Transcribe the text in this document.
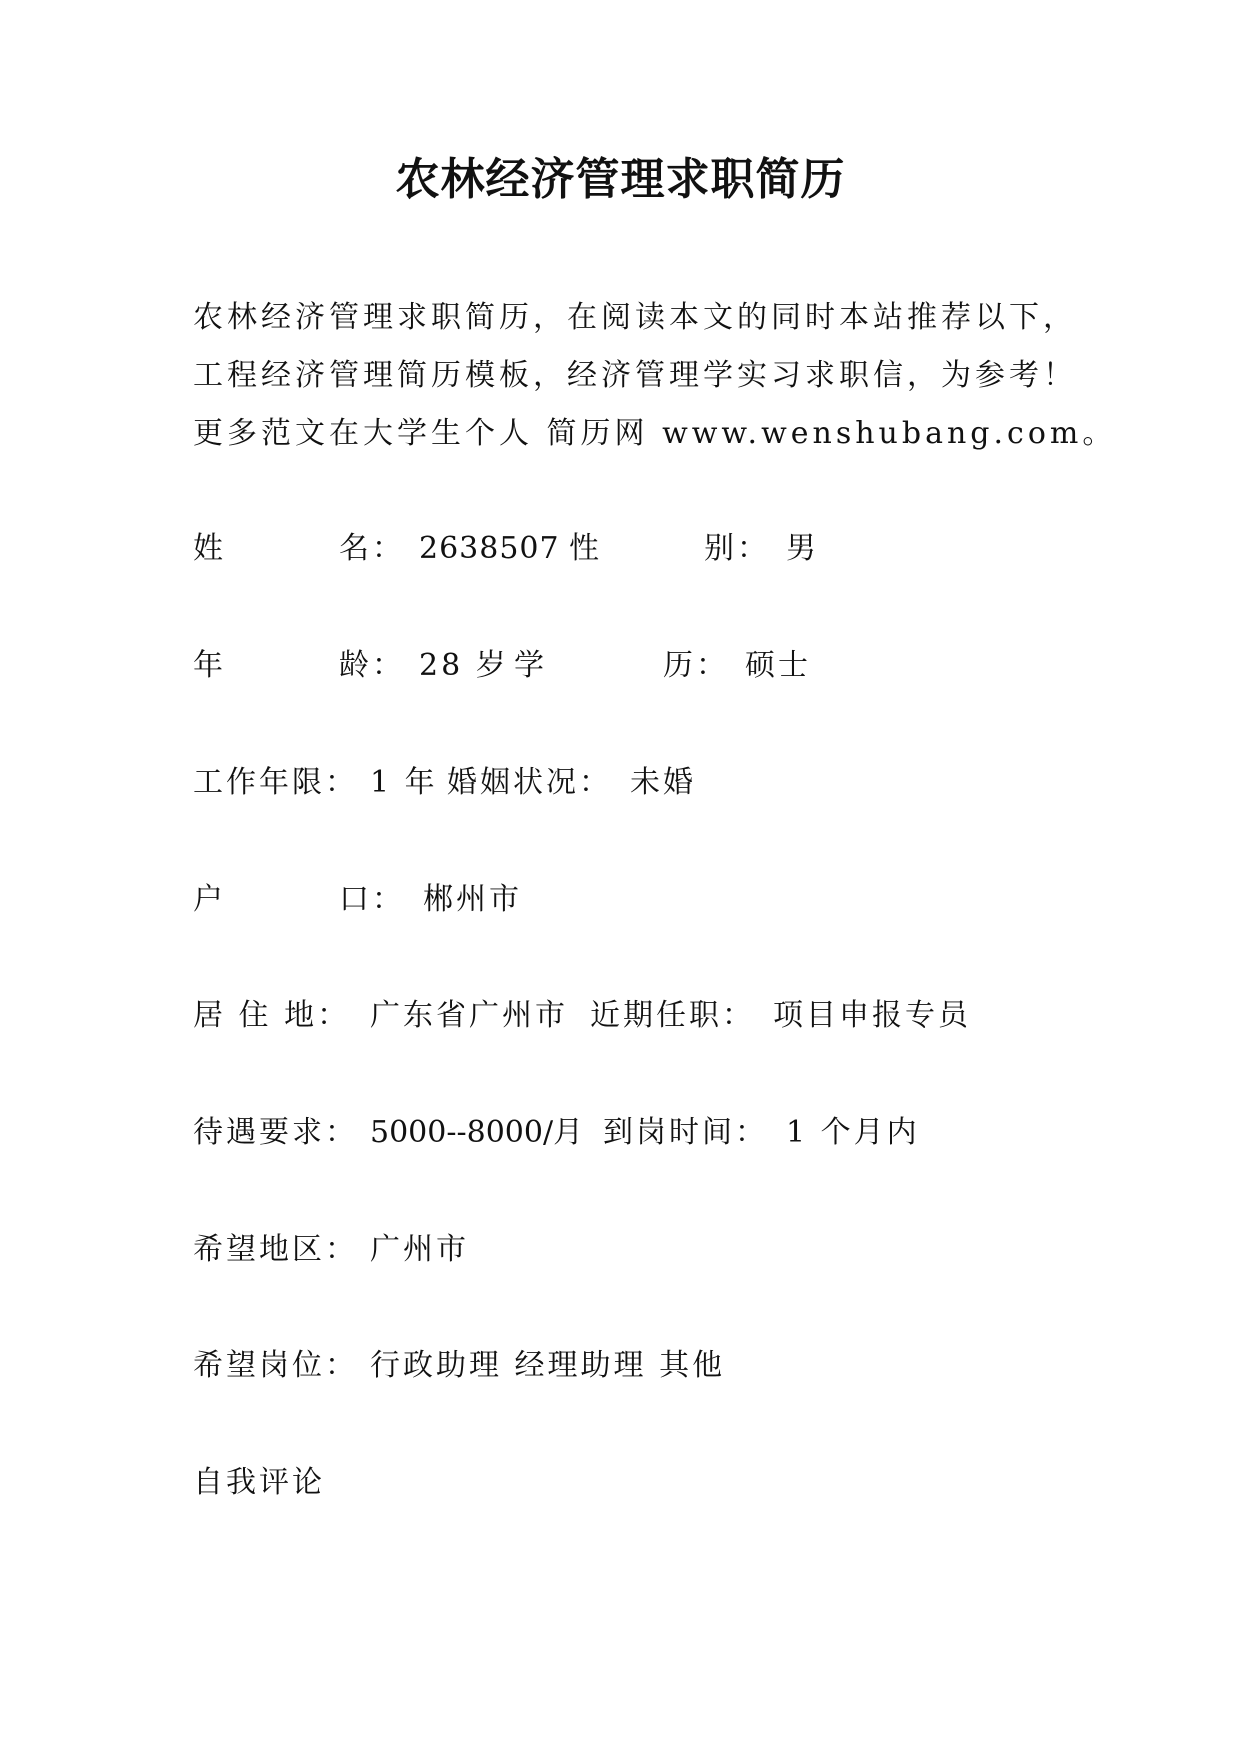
农林经济管理求职简历
农林经济管理求职简历，在阅读本文的同时本站推荐以下，
工程经济管理简历模板，经济管理学实习求职信，为参考！
更多范文在大学生个人 简历网 www.wenshubang.com。
姓	名： 2638507 性	别： 男
年	龄： 28 岁 学	历： 硕士
工作年限： 1 年 婚姻状况： 未婚
户	口： 郴州市
居 住 地： 广东省广州市 近期任职： 项目申报专员
待遇要求： 5000--8000/月 到岗时间： 1 个月内
希望地区： 广州市
希望岗位： 行政助理 经理助理 其他
自我评论
